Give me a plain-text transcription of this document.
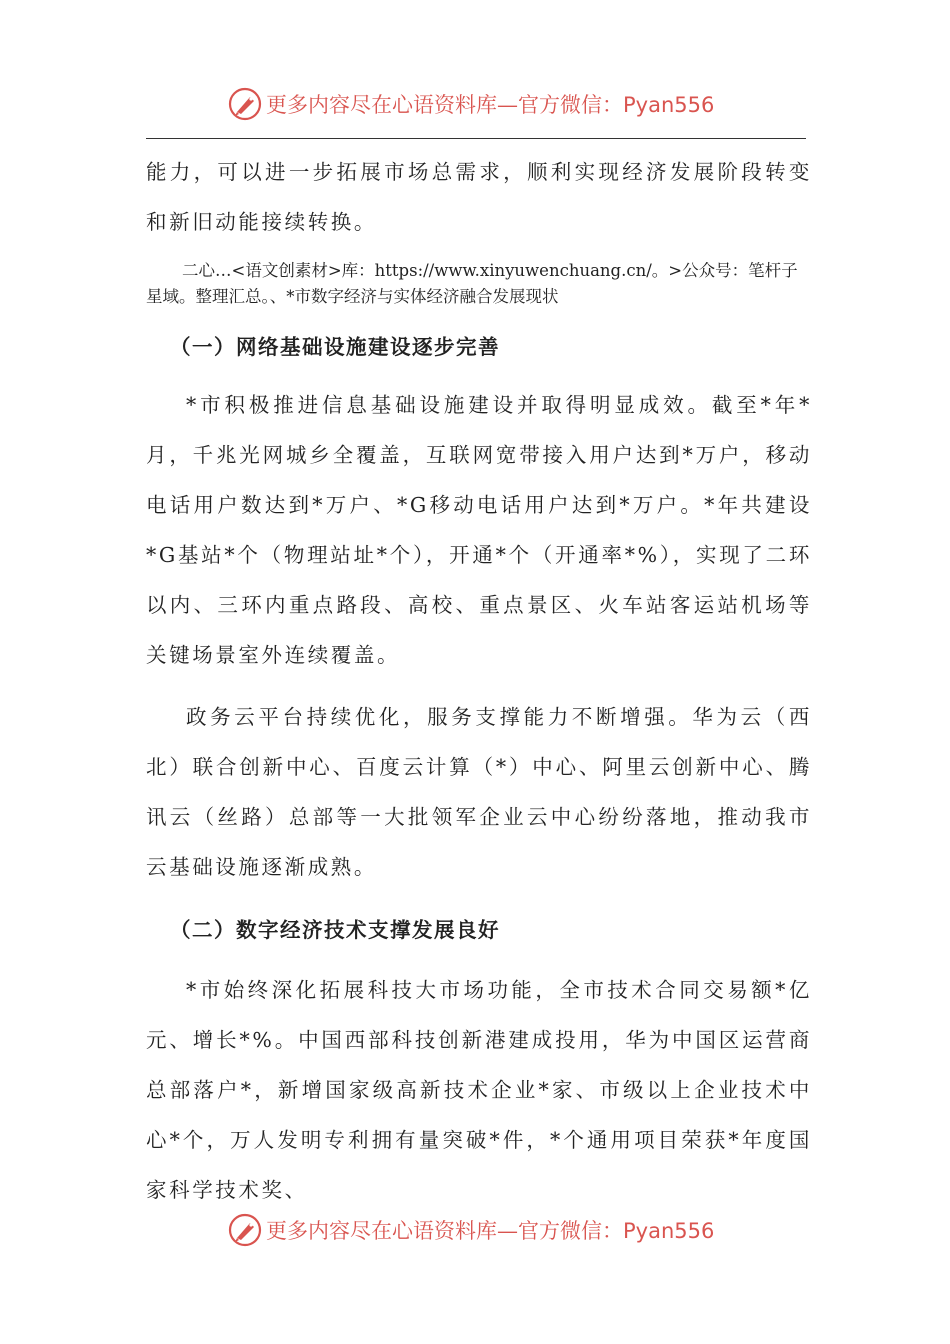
更多内容尽在心语资料库—官方微信：Pyan556
能力，可以进一步拓展市场总需求，顺利实现经济发展阶段转变和新旧动能接续转换。
二心…<语文创素材>库：https://www.xinyuwenchuang.cn/。>公众号：笔杆子星域。整理汇总。、*市数字经济与实体经济融合发展现状
（一）网络基础设施建设逐步完善
*市积极推进信息基础设施建设并取得明显成效。截至*年*月，千兆光网城乡全覆盖，互联网宽带接入用户达到*万户，移动电话用户数达到*万户、*G移动电话用户达到*万户。*年共建设*G基站*个（物理站址*个），开通*个（开通率*%），实现了二环以内、三环内重点路段、高校、重点景区、火车站客运站机场等关键场景室外连续覆盖。
政务云平台持续优化，服务支撑能力不断增强。华为云（西北）联合创新中心、百度云计算（*）中心、阿里云创新中心、腾讯云（丝路）总部等一大批领军企业云中心纷纷落地，推动我市云基础设施逐渐成熟。
（二）数字经济技术支撑发展良好
*市始终深化拓展科技大市场功能，全市技术合同交易额*亿元、增长*%。中国西部科技创新港建成投用，华为中国区运营商总部落户*，新增国家级高新技术企业*家、市级以上企业技术中心*个，万人发明专利拥有量突破*件，*个通用项目荣获*年度国家科学技术奖、
更多内容尽在心语资料库—官方微信：Pyan556
